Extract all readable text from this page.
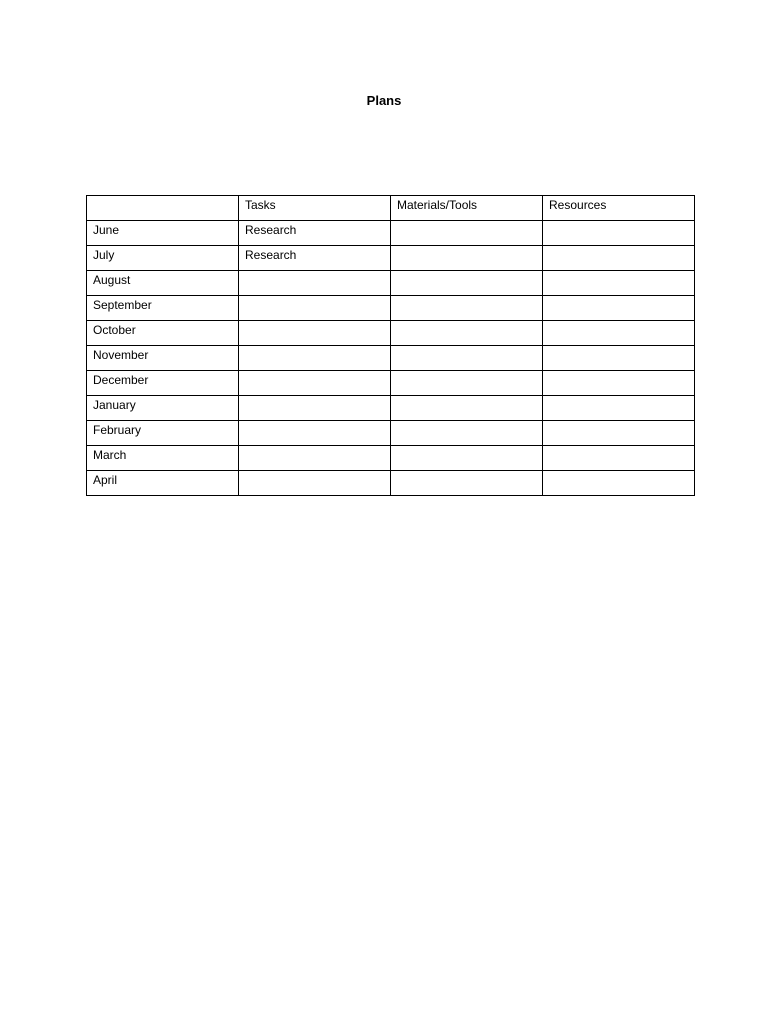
Plans
	Tasks	Materials/Tools	Resources
June	Research		
July	Research		
August			
September			
October			
November			
December			
January			
February			
March			
April			
